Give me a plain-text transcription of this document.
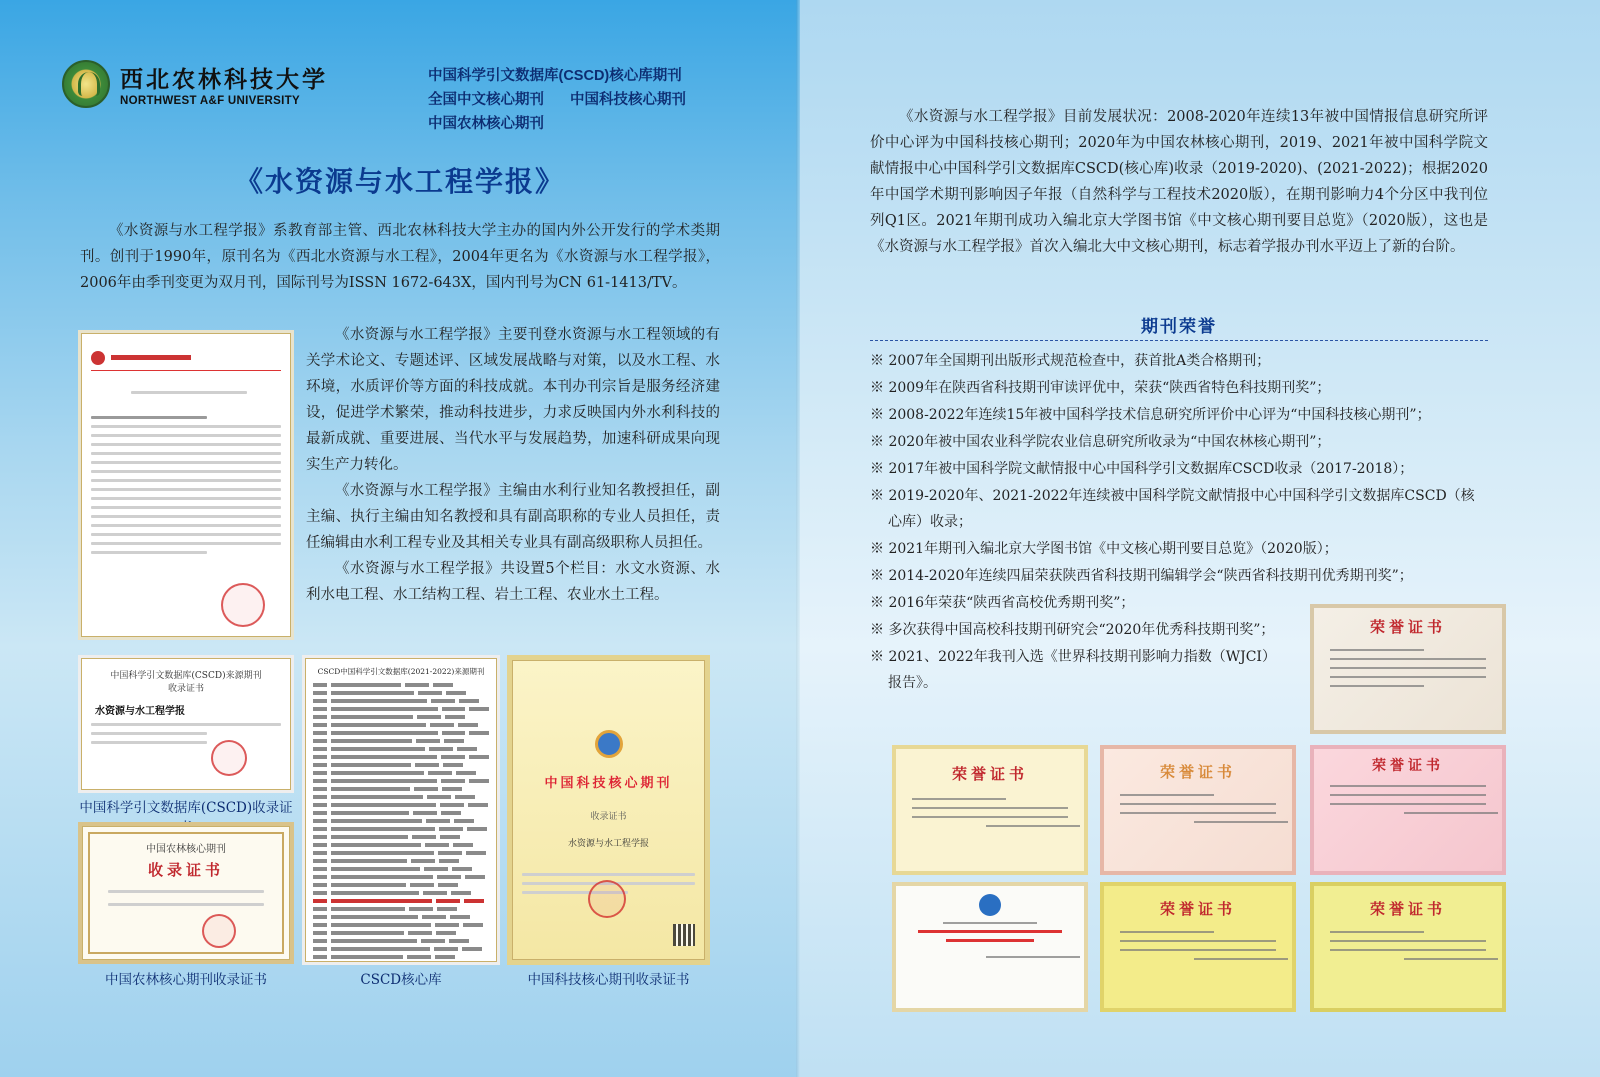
西北农林科技大学
NORTHWEST A&F UNIVERSITY
中国科学引文数据库(CSCD)核心库期刊
全国中文核心期刊 中国科技核心期刊
中国农林核心期刊
《水资源与水工程学报》

《水资源与水工程学报》系教育部主管、西北农林科技大学主办的国内外公开发行的学术类期刊。创刊于1990年，原刊名为《西北水资源与水工程》，2004年更名为《水资源与水工程学报》，2006年由季刊变更为双月刊，国际刊号为ISSN 1672-643X，国内刊号为CN 61-1413/TV。

《水资源与水工程学报》主要刊登水资源与水工程领域的有关学术论文、专题述评、区域发展战略与对策，以及水工程、水环境，水质评价等方面的科技成就。本刊办刊宗旨是服务经济建设，促进学术繁荣，推动科技进步，力求反映国内外水利科技的最新成就、重要进展、当代水平与发展趋势，加速科研成果向现实生产力转化。

《水资源与水工程学报》主编由水利行业知名教授担任，副主编、执行主编由知名教授和具有副高职称的专业人员担任，责任编辑由水利工程专业及其相关专业具有副高级职称人员担任。

《水资源与水工程学报》共设置5个栏目：水文水资源、水利水电工程、水工结构工程、岩土工程、农业水土工程。

中国科学引文数据库(CSCD)来源期刊
收录证书
水资源与水工程学报
中国科学引文数据库(CSCD)收录证
中国农林核心期刊
收录证书
中国农林核心期刊收录证书
CSCD中国科学引文数据库(2021-2022)来源期刊
CSCD核心库
中国科技核心期刊
收录证书
水资源与水工程学报
中国科技核心期刊收录证书

《水资源与水工程学报》目前发展状况：2008-2020年连续13年被中国情报信息研究所评价中心评为中国科技核心期刊；2020年为中国农林核心期刊，2019、2021年被中国科学院文献情报中心中国科学引文数据库CSCD(核心库)收录（2019-2020)、(2021-2022)；根据2020年中国学术期刊影响因子年报（自然科学与工程技术2020版），在期刊影响力4个分区中我刊位列Q1区。2021年期刊成功入编北京大学图书馆《中文核心期刊要目总览》（2020版），这也是《水资源与水工程学报》首次入编北大中文核心期刊，标志着学报办刊水平迈上了新的台阶。

期刊荣誉
※ 2007年全国期刊出版形式规范检查中，获首批A类合格期刊；
※ 2009年在陕西省科技期刊审读评优中，荣获“陕西省特色科技期刊奖”；
※ 2008-2022年连续15年被中国科学技术信息研究所评价中心评为“中国科技核心期刊”；
※ 2020年被中国农业科学院农业信息研究所收录为“中国农林核心期刊”；
※ 2017年被中国科学院文献情报中心中国科学引文数据库CSCD收录（2017-2018）；
※ 2019-2020年、2021-2022年连续被中国科学院文献情报中心中国科学引文数据库CSCD（核心库）收录；
※ 2021年期刊入编北京大学图书馆《中文核心期刊要目总览》（2020版）；
※ 2014-2020年连续四届荣获陕西省科技期刊编辑学会“陕西省科技期刊优秀期刊奖”；
※ 2016年荣获“陕西省高校优秀期刊奖”；
※ 多次获得中国高校科技期刊研究会“2020年优秀科技期刊奖”；
※ 2021、2022年我刊入选《世界科技期刊影响力指数（WJCI）报告》。
荣誉证书
荣誉证书	荣誉证书	荣誉证书
荣誉证书	荣誉证书
